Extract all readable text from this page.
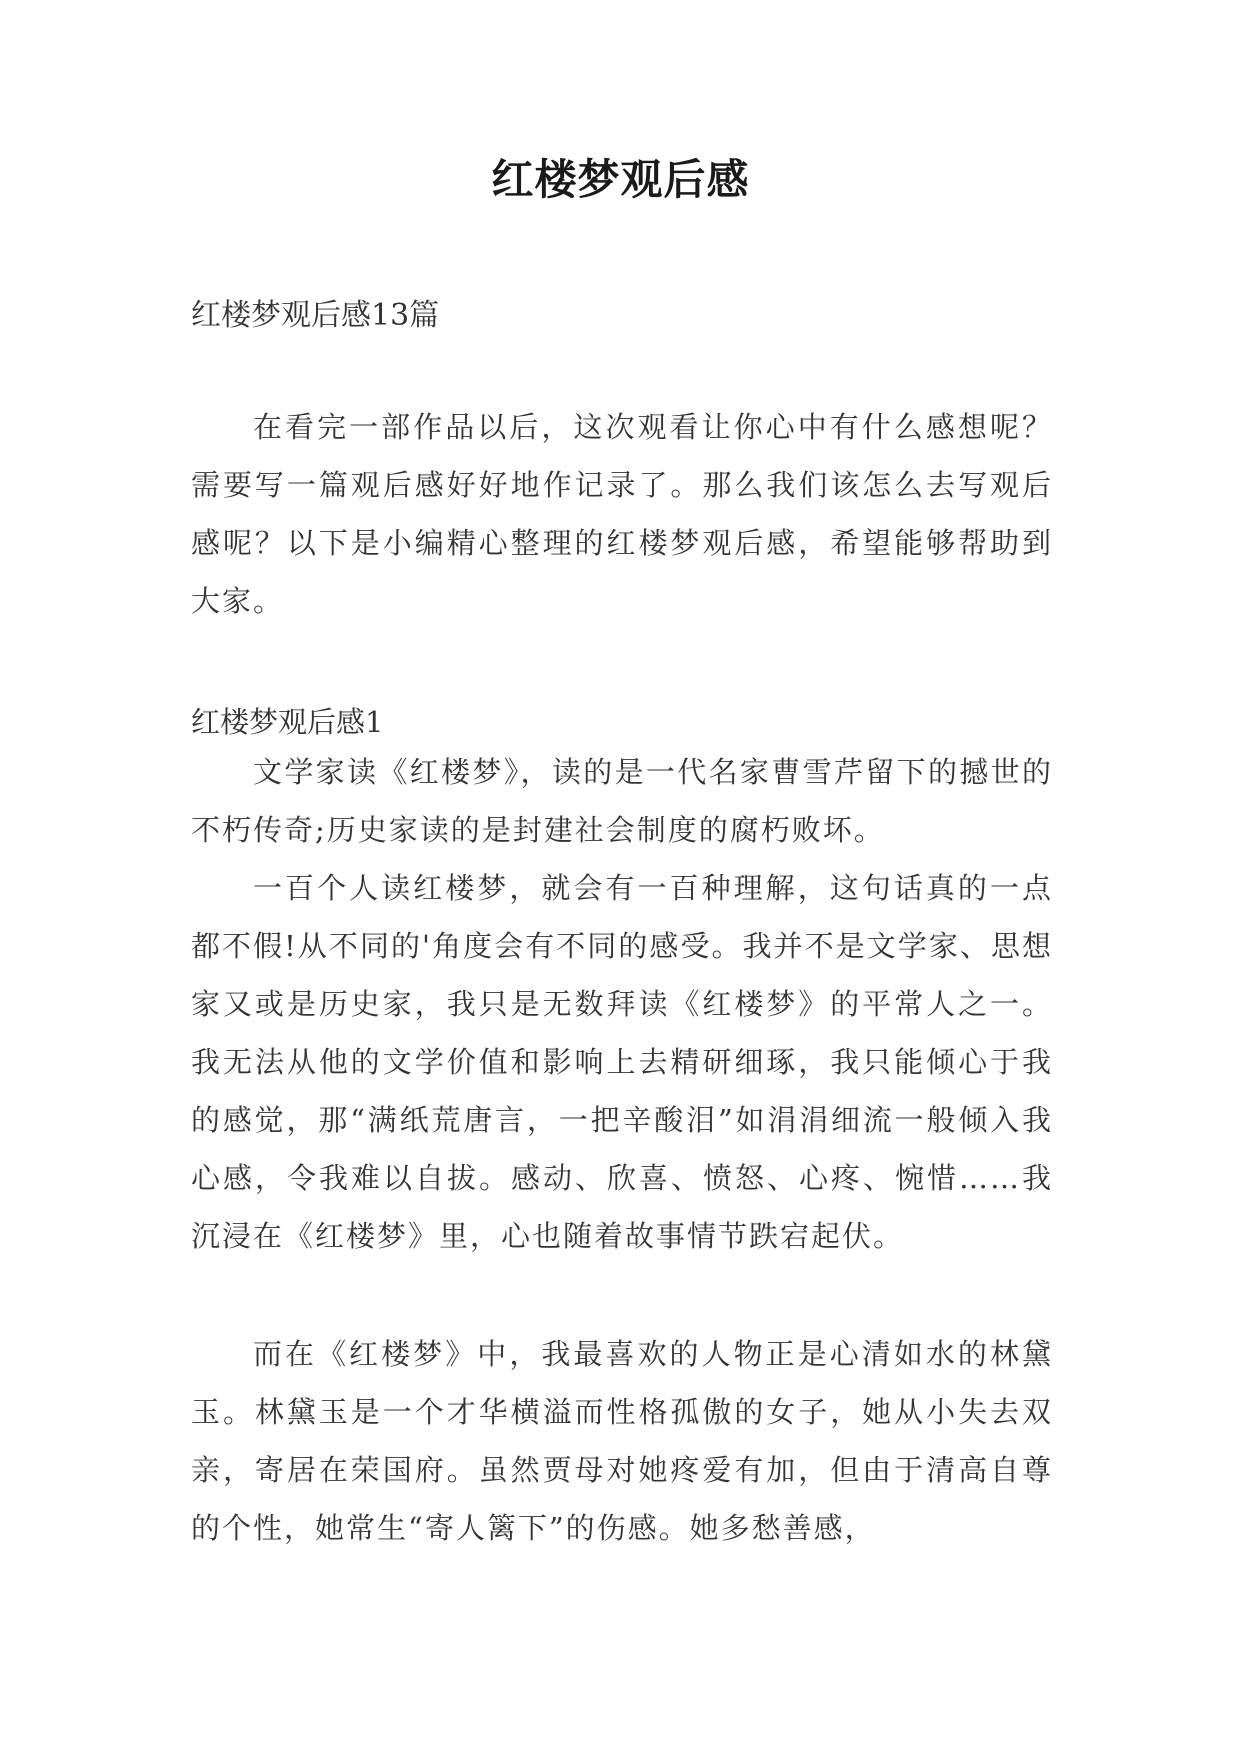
红楼梦观后感
红楼梦观后感13篇

在看完一部作品以后，这次观看让你心中有什么感想呢？需要写一篇观后感好好地作记录了。那么我们该怎么去写观后感呢？以下是小编精心整理的红楼梦观后感，希望能够帮助到大家。

红楼梦观后感1

文学家读《红楼梦》，读的是一代名家曹雪芹留下的撼世的不朽传奇;历史家读的是封建社会制度的腐朽败坏。

一百个人读红楼梦，就会有一百种理解，这句话真的一点都不假!从不同的'角度会有不同的感受。我并不是文学家、思想家又或是历史家，我只是无数拜读《红楼梦》的平常人之一。我无法从他的文学价值和影响上去精研细琢，我只能倾心于我的感觉，那“满纸荒唐言，一把辛酸泪”如涓涓细流一般倾入我心感，令我难以自拔。感动、欣喜、愤怒、心疼、惋惜……我沉浸在《红楼梦》里，心也随着故事情节跌宕起伏。

而在《红楼梦》中，我最喜欢的人物正是心清如水的林黛玉。林黛玉是一个才华横溢而性格孤傲的女子，她从小失去双亲，寄居在荣国府。虽然贾母对她疼爱有加，但由于清高自尊的个性，她常生“寄人篱下”的伤感。她多愁善感，
